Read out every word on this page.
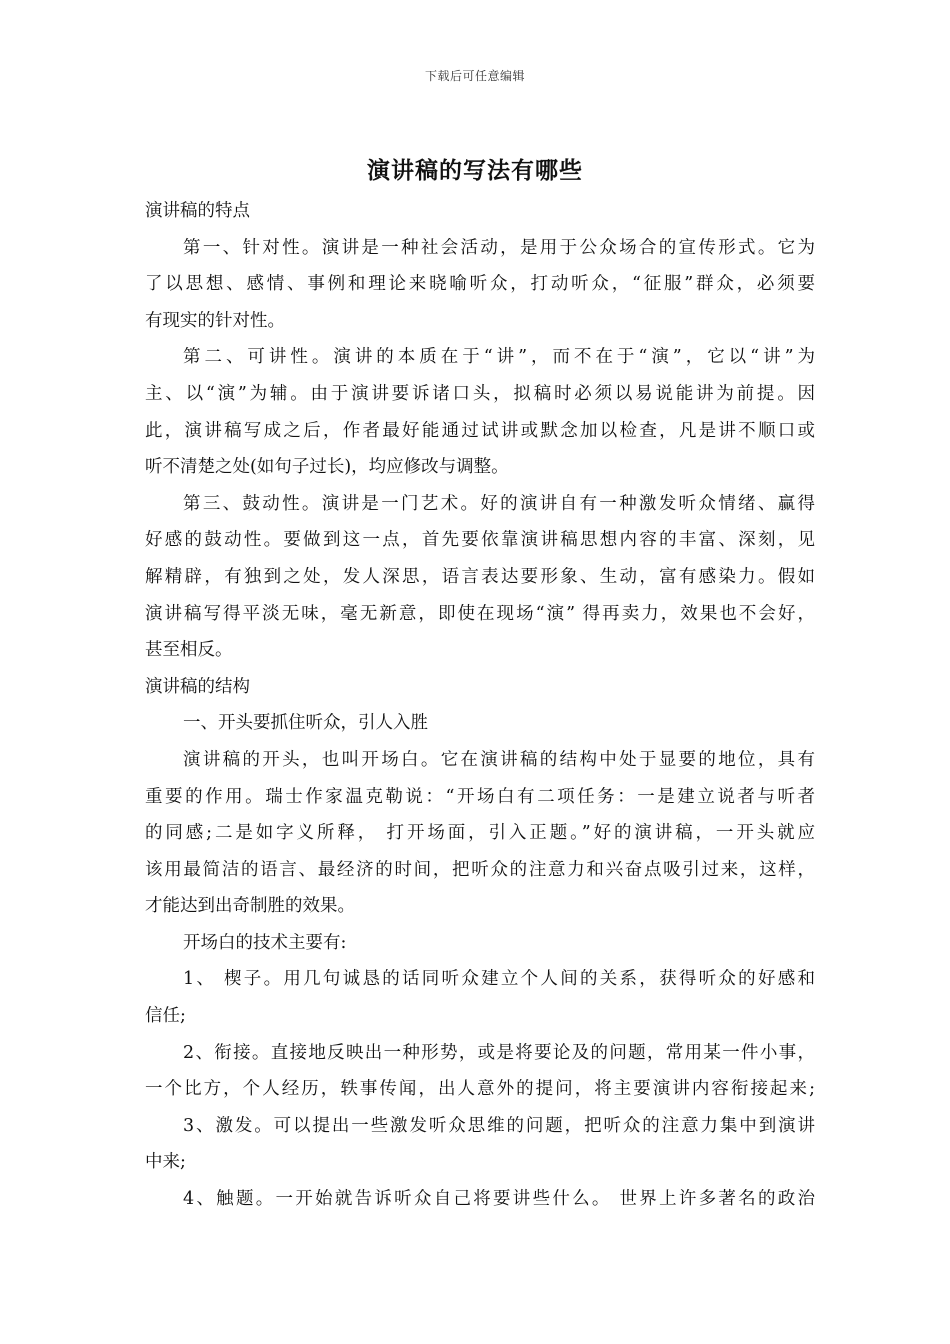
下载后可任意编辑
演讲稿的写法有哪些
演讲稿的特点
第一、针对性。演讲是一种社会活动，是用于公众场合的宣传形式。它为
了以思想、感情、事例和理论来晓喻听众，打动听众，“征服”群众，必须要
有现实的针对性。
第二、可讲性。演讲的本质在于“讲”，而不在于“演”，它以“讲”为
主、以“演”为辅。由于演讲要诉诸口头，拟稿时必须以易说能讲为前提。因
此，演讲稿写成之后，作者最好能通过试讲或默念加以检查，凡是讲不顺口或
听不清楚之处(如句子过长)，均应修改与调整。
第三、鼓动性。演讲是一门艺术。好的演讲自有一种激发听众情绪、赢得
好感的鼓动性。要做到这一点，首先要依靠演讲稿思想内容的丰富、深刻，见
解精辟，有独到之处，发人深思，语言表达要形象、生动，富有感染力。假如
演讲稿写得平淡无味，毫无新意，即使在现场“演” 得再卖力，效果也不会好，
甚至相反。
演讲稿的结构
一、开头要抓住听众，引人入胜
演讲稿的开头，也叫开场白。它在演讲稿的结构中处于显要的地位，具有
重要的作用。瑞士作家温克勒说：“开场白有二项任务：一是建立说者与听者
的同感;二是如字义所释， 打开场面，引入正题。”好的演讲稿，一开头就应
该用最简洁的语言、最经济的时间，把听众的注意力和兴奋点吸引过来，这样，
才能达到出奇制胜的效果。
开场白的技术主要有:
1、 楔子。用几句诚恳的话同听众建立个人间的关系，获得听众的好感和
信任;
2、衔接。直接地反映出一种形势，或是将要论及的问题，常用某一件小事，
一个比方，个人经历，轶事传闻，出人意外的提问，将主要演讲内容衔接起来;
3、激发。可以提出一些激发听众思维的问题，把听众的注意力集中到演讲
中来;
4、触题。一开始就告诉听众自己将要讲些什么。 世界上许多著名的政治
